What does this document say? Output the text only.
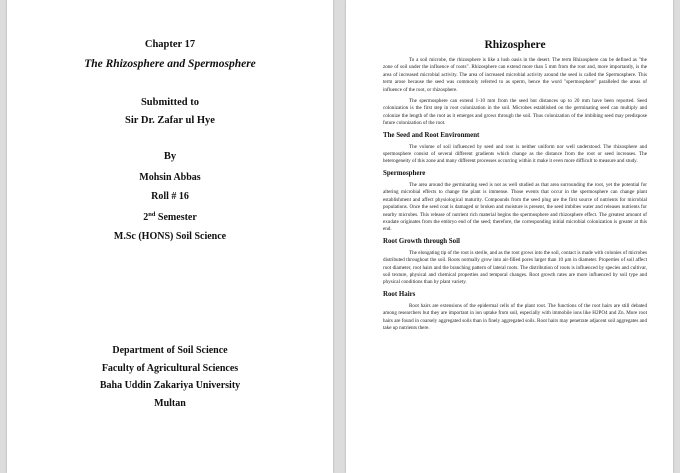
Chapter 17
The Rhizosphere and Spermosphere
Submitted to
Sir Dr. Zafar ul Hye
By
Mohsin Abbas
Roll # 16
2nd Semester
M.Sc (HONS) Soil Science
Department of Soil Science
Faculty of Agricultural Sciences
Baha Uddin Zakariya University
Multan
Rhizosphere

To a soil microbe, the rhizosphere is like a lush oasis in the desert. The term Rhizosphere can be defined as "the zone of soil under the influence of roots". Rhizosphere can extend more than 5 mm from the root and, more importantly, is the area of increased microbial activity. The area of increased microbial activity around the seed is called the Spermosphere. This term arose because the seed was commonly referred to as sperm, hence the word "spermosphere" paralleled the areas of influence of the root, or rhizosphere.

The spermosphere can extend 1-10 mm from the seed but distances up to 20 mm have been reported. Seed colonization is the first step in root colonization in the soil. Microbes established on the germinating seed can multiply and colonize the length of the root as it emerges and grows through the soil. Thus colonization of the imbibing seed may predispose future colonization of the root.

The Seed and Root Environment

The volume of soil influenced by seed and root is neither uniform nor well understood. The rhizosphere and spermosphere consist of several different gradients which change as the distance from the root or seed increases. The heterogeneity of this zone and many different processes occurring within it make it even more difficult to measure and study.

Spermosphere

The area around the germinating seed is not as well studied as that area surrounding the root, yet the potential for altering microbial effects to change the plant is immense. Those events that occur in the spermosphere can change plant establishment and affect physiological maturity. Compounds from the seed plug are the first source of nutrients for microbial populations. Once the seed coat is damaged or broken and moisture is present, the seed imbibes water and releases nutrients for nearby microbes. This release of nutrient rich material begins the spermosphere and rhizosphere effect. The greatest amount of exudate originates from the embryo end of the seed; therefore, the corresponding initial microbial colonization is greater at this end.

Root Growth through Soil

The elongating tip of the root is sterile, and as the root grows into the soil, contact is made with colonies of microbes distributed throughout the soil. Roots normally grow into air-filled pores larger than 10 µm in diameter. Properties of soil affect root diameter, root hairs and the branching pattern of lateral roots. The distribution of roots is influenced by species and cultivar, soil texture, physical and chemical properties and temporal changes. Root growth rates are more influenced by soil type and physical conditions than by plant variety.

Root Hairs

Root hairs are extensions of the epidermal cells of the plant root. The functions of the root hairs are still debated among researchers but they are important in ion uptake from soil, especially with immobile ions like H2PO4 and Zn. More root hairs are found in coarsely aggregated soils than in finely aggregated soils. Root hairs may penetrate adjacent soil aggregates and take up nutrients there.
